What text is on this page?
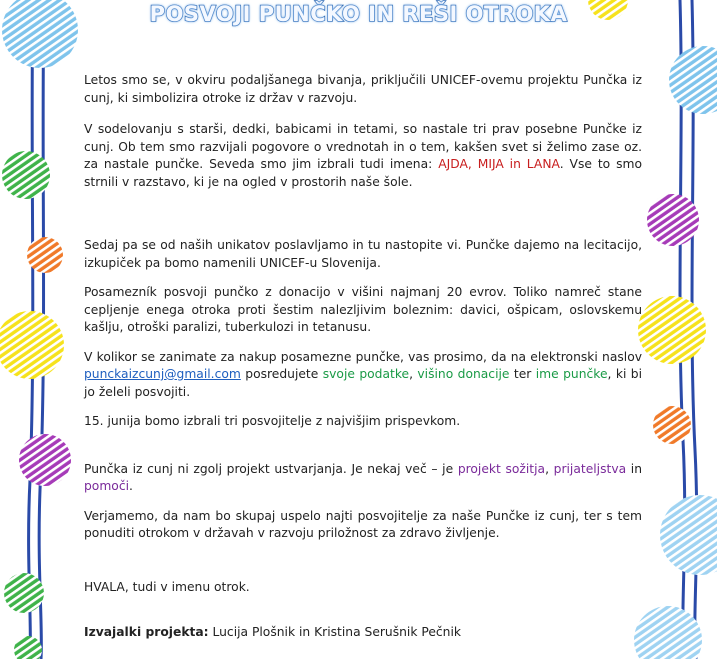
POSVOJI PUNČKO IN REŠI OTROKA

Letos smo se, v okviru podaljšanega bivanja, priključili UNICEF-ovemu projektu Punčka iz cunj, ki simbolizira otroke iz držav v razvoju.

V sodelovanju s starši, dedki, babicami in tetami, so nastale tri prav posebne Punčke iz cunj. Ob tem smo razvijali pogovore o vrednotah in o tem, kakšen svet si želimo zase oz. za nastale punčke. Seveda smo jim izbrali tudi imena: AJDA, MIJA in LANA. Vse to smo strnili v razstavo, ki je na ogled v prostorih naše šole.

Sedaj pa se od naših unikatov poslavljamo in tu nastopite vi. Punčke dajemo na lecitacijo, izkupiček pa bomo namenili UNICEF-u Slovenija.

Posamezník posvoji punčko z donacijo v višini najmanj 20 evrov. Toliko namreč stane cepljenje enega otroka proti šestim nalezljivim boleznim: davici, ošpicam, oslovskemu kašlju, otroški paralizi, tuberkulozi in tetanusu.

V kolikor se zanimate za nakup posamezne punčke, vas prosimo, da na elektronski naslov punckaizcunj@gmail.com posredujete svoje podatke, višino donacije ter ime punčke, ki bi jo želeli posvojiti.

15. junija bomo izbrali tri posvojitelje z najvišjim prispevkom.

Punčka iz cunj ni zgolj projekt ustvarjanja. Je nekaj več – je projekt sožitja, prijateljstva in pomoči.

Verjamemo, da nam bo skupaj uspelo najti posvojitelje za naše Punčke iz cunj, ter s tem ponuditi otrokom v državah v razvoju priložnost za zdravo življenje.

HVALA, tudi v imenu otrok.

Izvajalki projekta: Lucija Plošnik in Kristina Serušnik Pečnik
